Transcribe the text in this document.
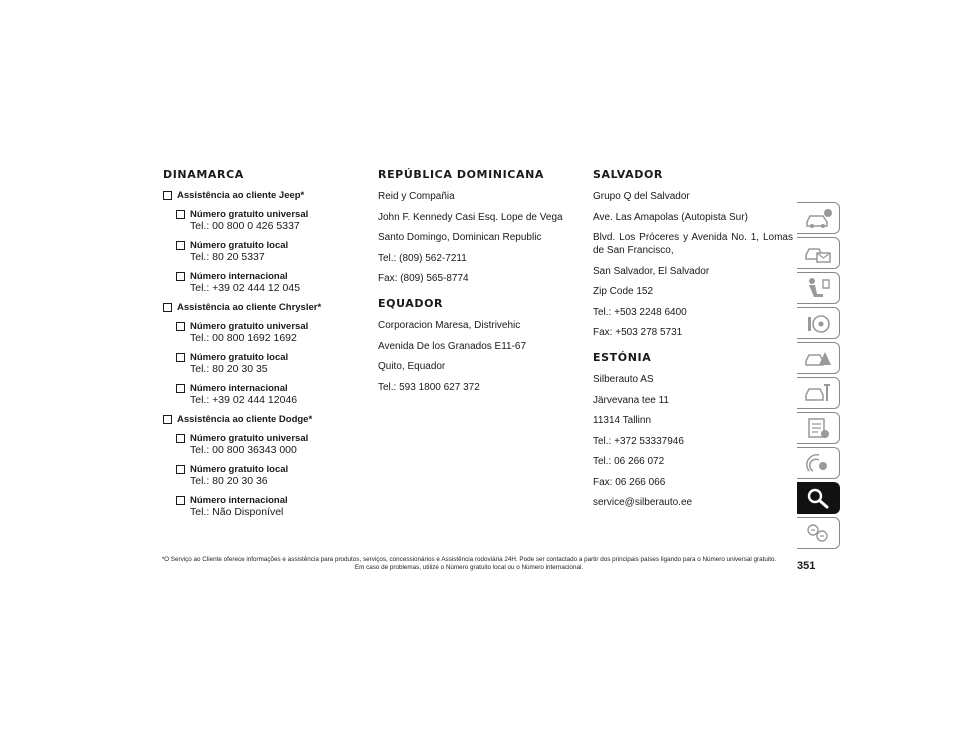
DINAMARCA
Assistência ao cliente Jeep*
Número gratuito universal
Tel.: 00 800 0 426 5337
Número gratuito local
Tel.: 80 20 5337
Número internacional
Tel.: +39 02 444 12 045
Assistência ao cliente Chrysler*
Número gratuito universal
Tel.: 00 800 1692 1692
Número gratuito local
Tel.: 80 20 30 35
Número internacional
Tel.: +39 02 444 12046
Assistência ao cliente Dodge*
Número gratuito universal
Tel.: 00 800 36343 000
Número gratuito local
Tel.: 80 20 30 36
Número internacional
Tel.: Não Disponível
REPÚBLICA DOMINICANA

Reid y Compañia

John F. Kennedy Casi Esq. Lope de Vega

Santo Domingo, Dominican Republic

Tel.: (809) 562-7211

Fax: (809) 565-8774

EQUADOR

Corporacion Maresa, Distrivehic

Avenida De los Granados E11-67

Quito, Equador

Tel.: 593 1800 627 372

SALVADOR

Grupo Q del Salvador

Ave. Las Amapolas (Autopista Sur)

Blvd. Los Próceres y Avenida No. 1, Lomas de San Francisco,

San Salvador, El Salvador

Zip Code 152

Tel.: +503 2248 6400

Fax: +503 278 5731

ESTÓNIA

Silberauto AS

Järvevana tee 11

11314 Tallinn

Tel.: +372 53337946

Tel.: 06 266 072

Fax: 06 266 066

service@silberauto.ee

*O Serviço ao Cliente oferece informações e assistência para produtos, serviços, concessionários e Assistência rodoviária 24H. Pode ser contactado a partir dos principais países ligando para o Número universal gratuito. Em caso de problemas, utilize o Número gratuito local ou o Número internacional.	351
